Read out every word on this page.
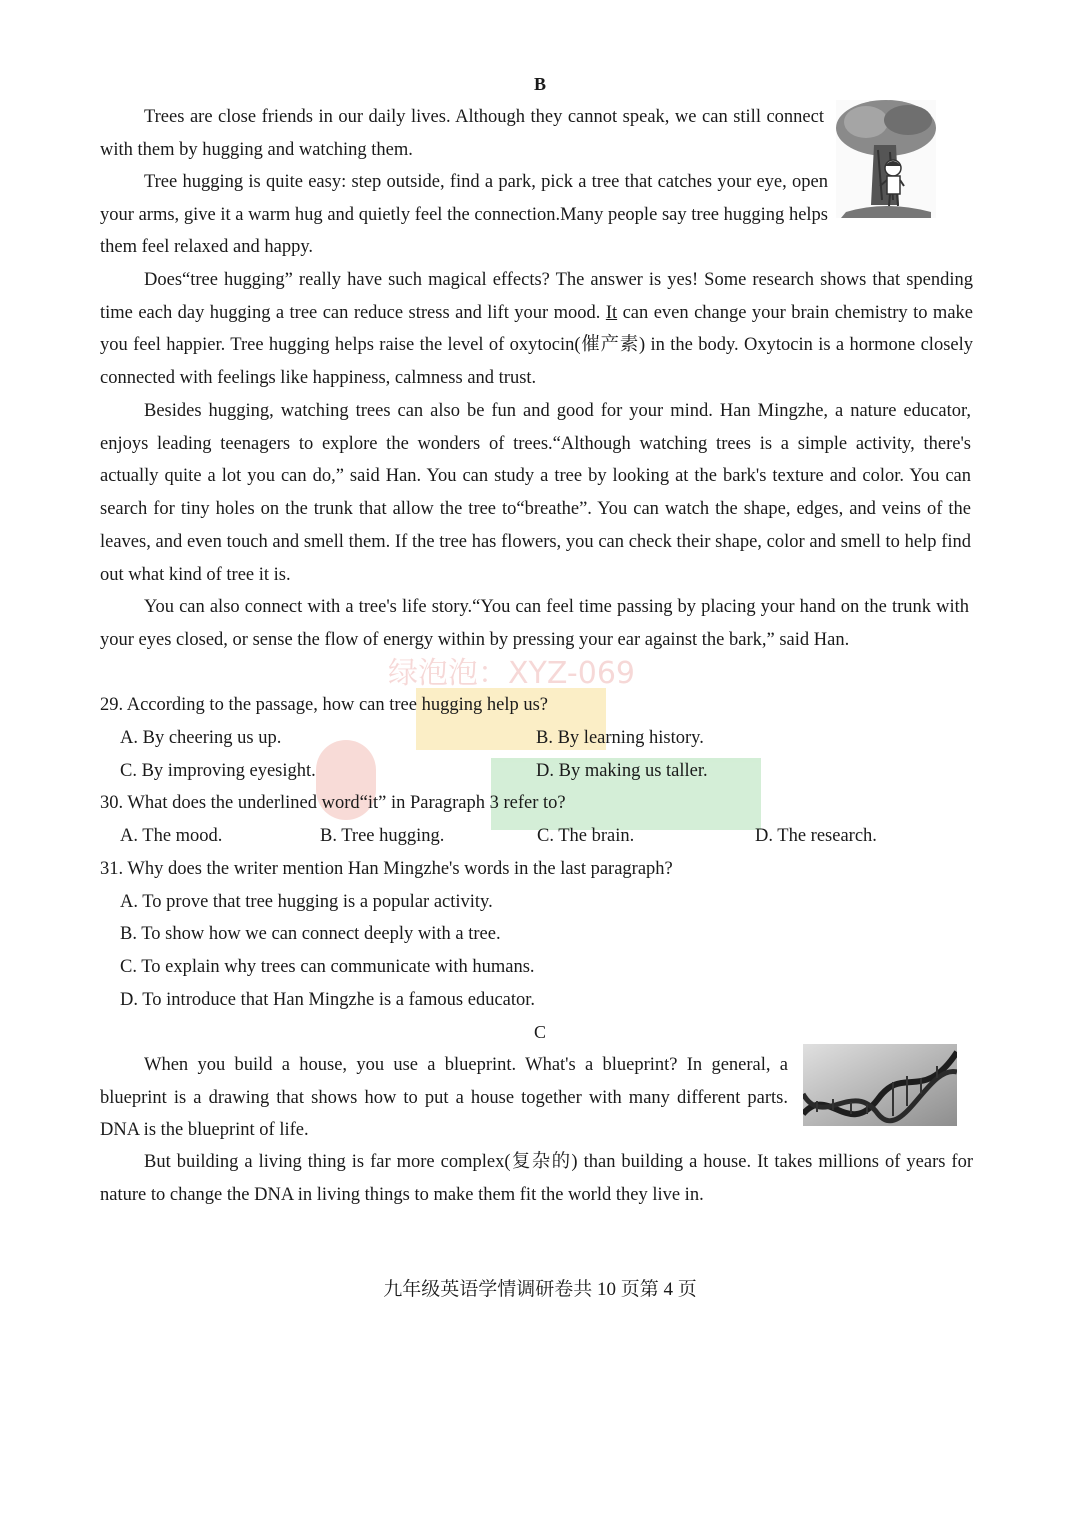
B

Trees are close friends in our daily lives. Although they cannot speak, we can still connect with them by hugging and watching them.

Tree hugging is quite easy: step outside, find a park, pick a tree that catches your eye, open your arms, give it a warm hug and quietly feel the connection.Many people say tree hugging helps them feel relaxed and happy.

Does“tree hugging” really have such magical effects? The answer is yes! Some research shows that spending time each day hugging a tree can reduce stress and lift your mood. It can even change your brain chemistry to make you feel happier. Tree hugging helps raise the level of oxytocin(催产素) in the body. Oxytocin is a hormone closely connected with feelings like happiness, calmness and trust.

Besides hugging, watching trees can also be fun and good for your mind. Han Mingzhe, a nature educator, enjoys leading teenagers to explore the wonders of trees.“Although watching trees is a simple activity, there's actually quite a lot you can do,” said Han. You can study a tree by looking at the bark's texture and color. You can search for tiny holes on the trunk that allow the tree to“breathe”. You can watch the shape, edges, and veins of the leaves, and even touch and smell them. If the tree has flowers, you can check their shape, color and smell to help find out what kind of tree it is.

You can also connect with a tree's life story.“You can feel time passing by placing your hand on the trunk with your eyes closed, or sense the flow of energy within by pressing your ear against the bark,” said Han.

绿泡泡：XYZ-069
29. According to the passage, how can tree hugging help us?
A. By cheering us up.	B. By learning history.
C. By improving eyesight.	D. By making us taller.
30. What does the underlined word“it” in Paragraph 3 refer to?
A. The mood.	B. Tree hugging.	C. The brain.	D. The research.
31. Why does the writer mention Han Mingzhe's words in the last paragraph?
A. To prove that tree hugging is a popular activity.
B. To show how we can connect deeply with a tree.
C. To explain why trees can communicate with humans.
D. To introduce that Han Mingzhe is a famous educator.
C

When you build a house, you use a blueprint. What's a blueprint? In general, a blueprint is a drawing that shows how to put a house together with many different parts. DNA is the blueprint of life.

But building a living thing is far more complex(复杂的) than building a house. It takes millions of years for nature to change the DNA in living things to make them fit the world they live in.

九年级英语学情调研卷共 10 页第 4 页
